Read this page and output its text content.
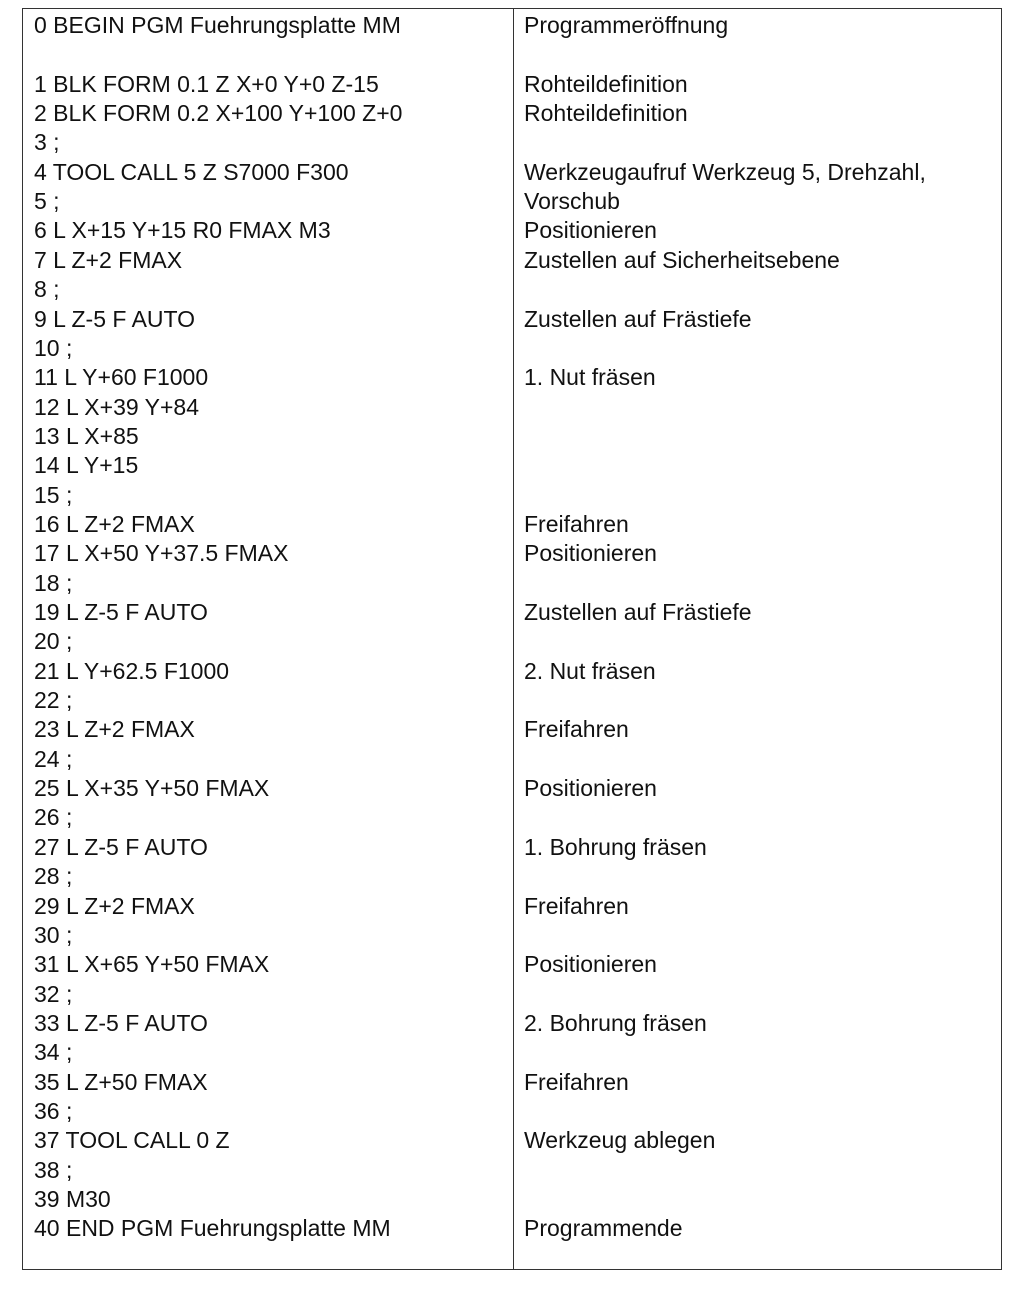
0 BEGIN PGM Fuehrungsplatte MM
1 BLK FORM 0.1 Z X+0 Y+0 Z-15
2 BLK FORM 0.2 X+100 Y+100 Z+0
3 ;
4 TOOL CALL 5 Z S7000 F300
5 ;
6 L X+15 Y+15 R0 FMAX M3
7 L Z+2 FMAX
8 ;
9 L Z-5 F AUTO
10 ;
11 L Y+60 F1000
12 L X+39 Y+84
13 L X+85
14 L Y+15
15 ;
16 L Z+2 FMAX
17 L X+50 Y+37.5 FMAX
18 ;
19 L Z-5 F AUTO
20 ;
21 L Y+62.5 F1000
22 ;
23 L Z+2 FMAX
24 ;
25 L X+35 Y+50 FMAX
26 ;
27 L Z-5 F AUTO
28 ;
29 L Z+2 FMAX
30 ;
31 L X+65 Y+50 FMAX
32 ;
33 L Z-5 F AUTO
34 ;
35 L Z+50 FMAX
36 ;
37 TOOL CALL 0 Z
38 ;
39 M30
40 END PGM Fuehrungsplatte MM
Programmeröffnung
Rohteildefinition
Rohteildefinition
Werkzeugaufruf Werkzeug 5, Drehzahl,
Vorschub
Positionieren
Zustellen auf Sicherheitsebene
Zustellen auf Frästiefe
1. Nut fräsen
Freifahren
Positionieren
Zustellen auf Frästiefe
2. Nut fräsen
Freifahren
Positionieren
1. Bohrung fräsen
Freifahren
Positionieren
2. Bohrung fräsen
Freifahren
Werkzeug ablegen
Programmende
